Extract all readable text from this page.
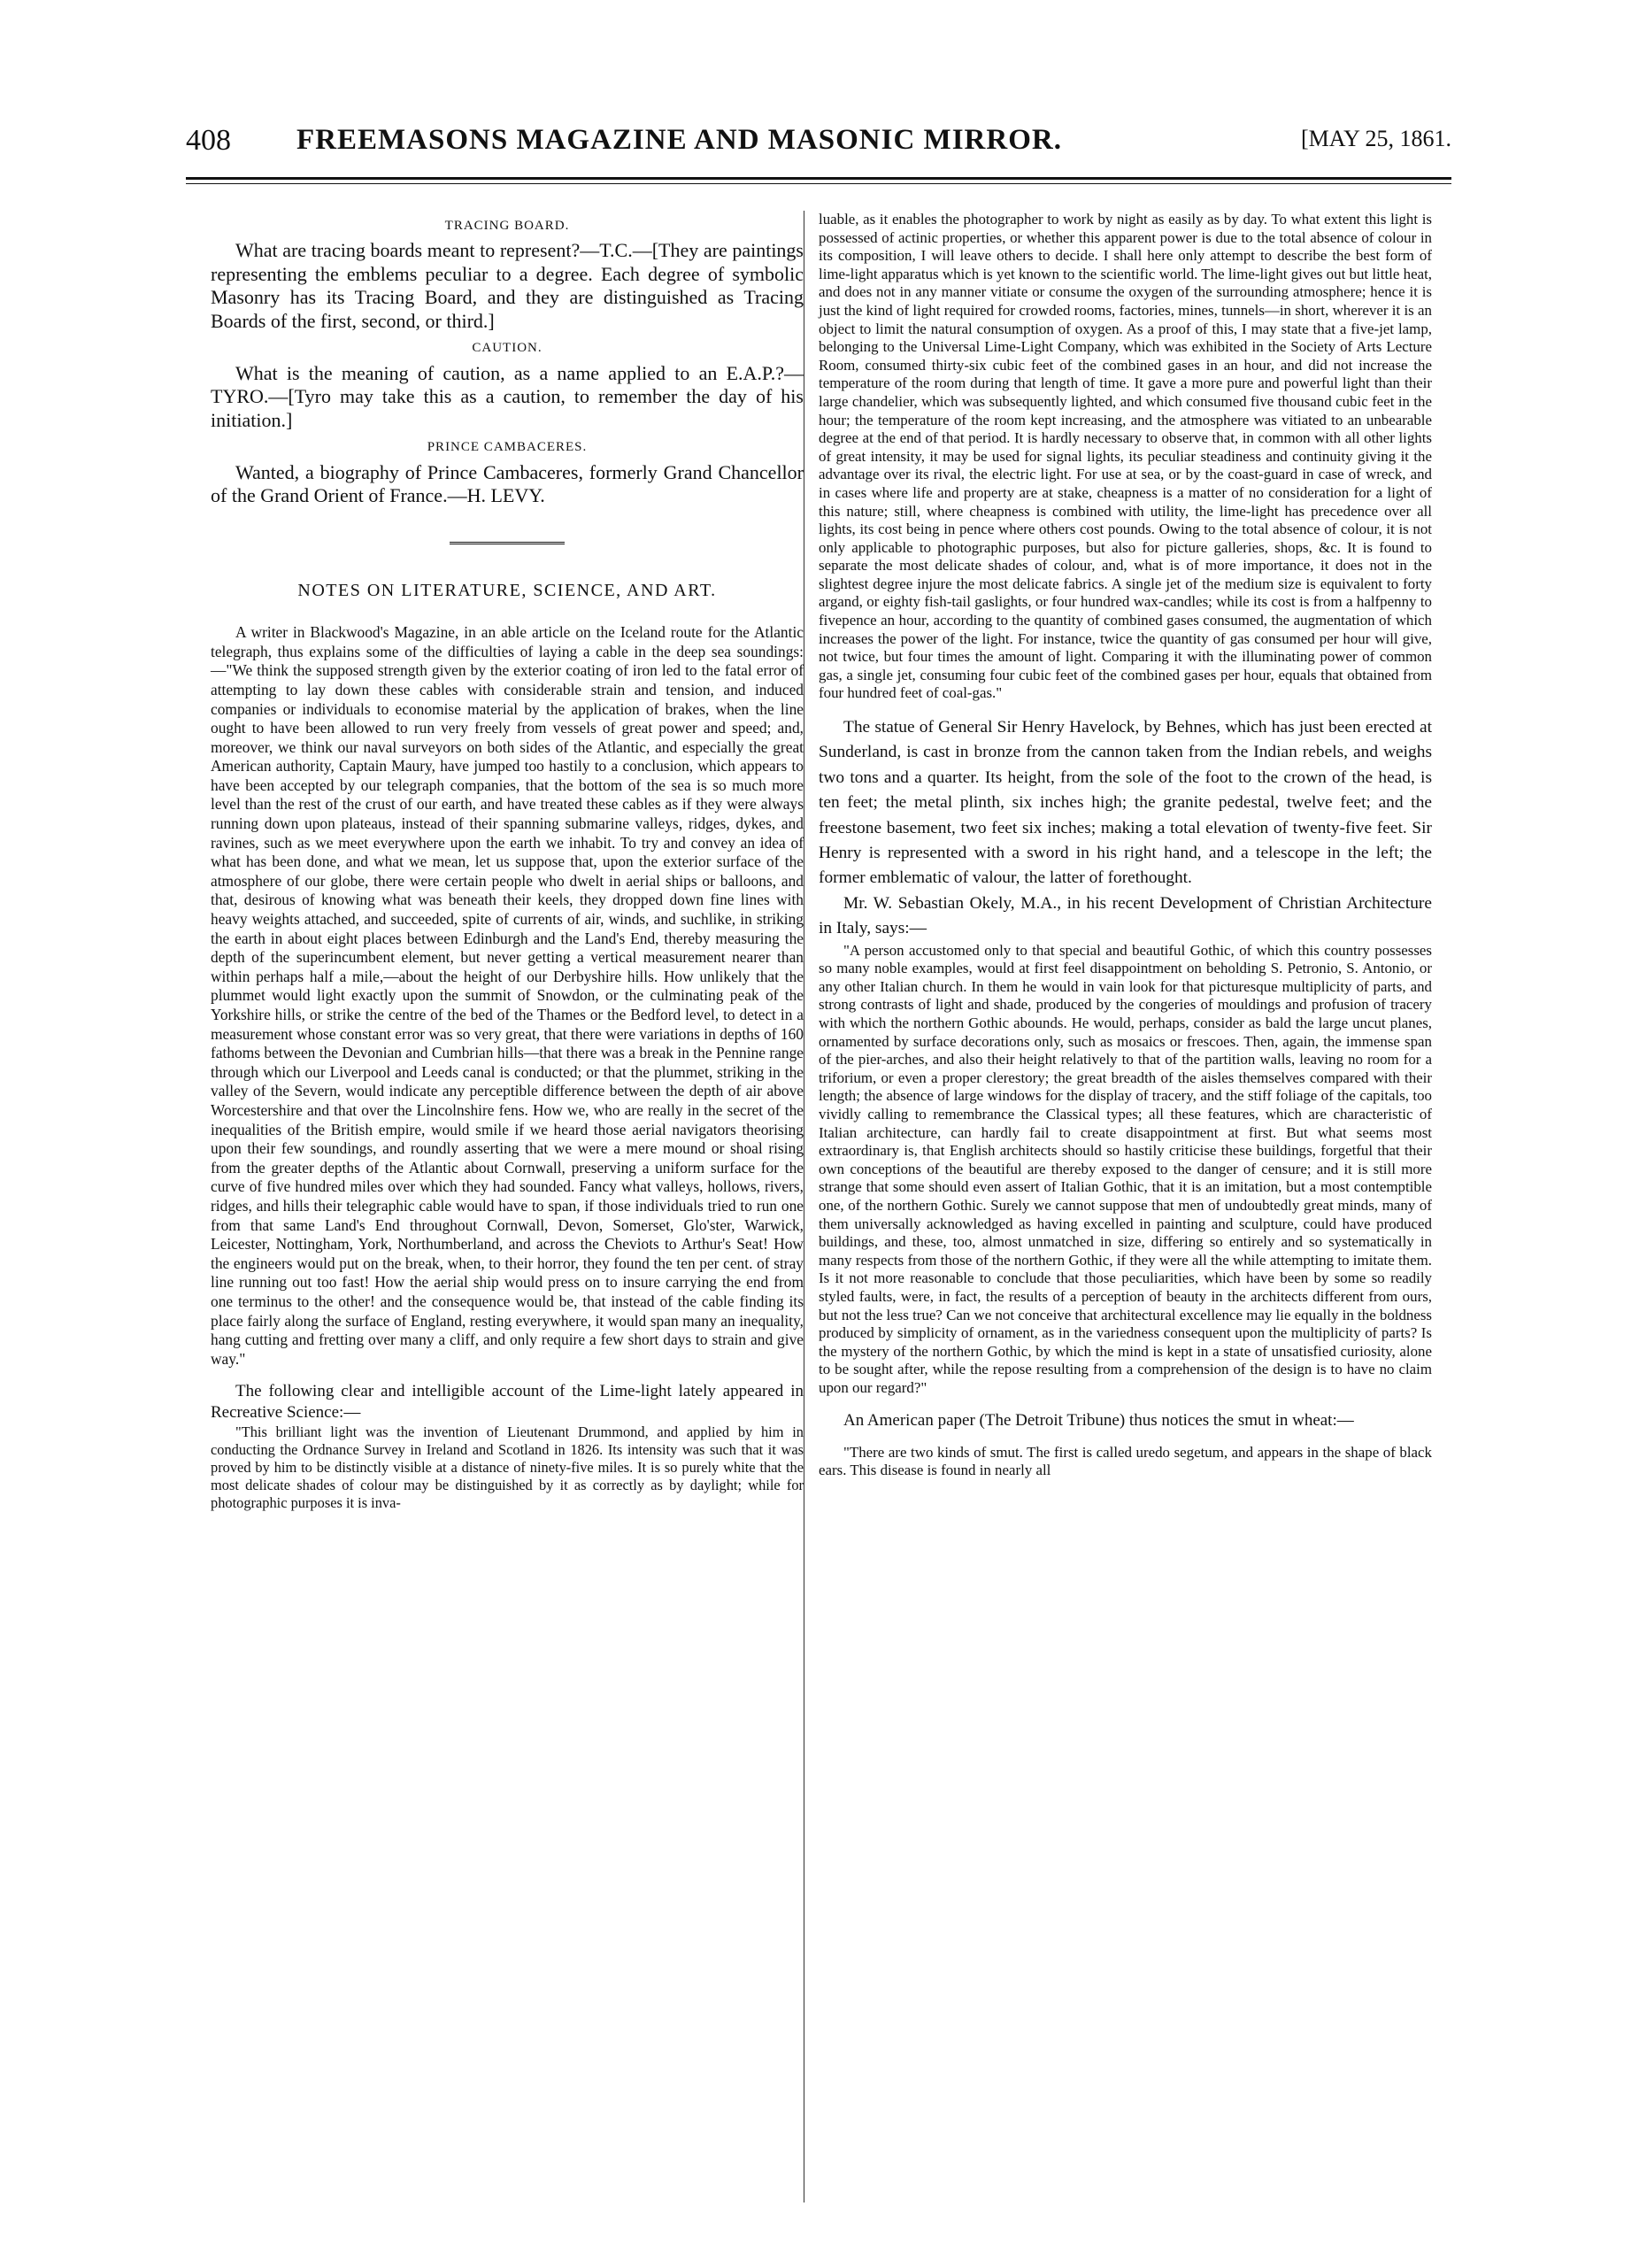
408 FREEMASONS MAGAZINE AND MASONIC MIRROR.	[MAY 25, 1861.
TRACING BOARD.

What are tracing boards meant to represent?—T.C.—[They are paintings representing the emblems peculiar to a degree. Each degree of symbolic Masonry has its Tracing Board, and they are distinguished as Tracing Boards of the first, second, or third.]

CAUTION.

What is the meaning of caution, as a name applied to an E.A.P.?—TYRO.—[Tyro may take this as a caution, to remember the day of his initiation.]

PRINCE CAMBACERES.

Wanted, a biography of Prince Cambaceres, formerly Grand Chancellor of the Grand Orient of France.—H. LEVY.

NOTES ON LITERATURE, SCIENCE, AND ART.

A writer in Blackwood's Magazine, in an able article on the Iceland route for the Atlantic telegraph, thus explains some of the difficulties of laying a cable in the deep sea soundings:—"We think the supposed strength given by the exterior coating of iron led to the fatal error of attempting to lay down these cables with considerable strain and tension, and induced companies or individuals to economise material by the application of brakes, when the line ought to have been allowed to run very freely from vessels of great power and speed; and, moreover, we think our naval surveyors on both sides of the Atlantic, and especially the great American authority, Captain Maury, have jumped too hastily to a conclusion, which appears to have been accepted by our telegraph companies, that the bottom of the sea is so much more level than the rest of the crust of our earth, and have treated these cables as if they were always running down upon plateaus, instead of their spanning submarine valleys, ridges, dykes, and ravines, such as we meet everywhere upon the earth we inhabit. To try and convey an idea of what has been done, and what we mean, let us suppose that, upon the exterior surface of the atmosphere of our globe, there were certain people who dwelt in aerial ships or balloons, and that, desirous of knowing what was beneath their keels, they dropped down fine lines with heavy weights attached, and succeeded, spite of currents of air, winds, and suchlike, in striking the earth in about eight places between Edinburgh and the Land's End, thereby measuring the depth of the superincumbent element, but never getting a vertical measurement nearer than within perhaps half a mile,—about the height of our Derbyshire hills. How unlikely that the plummet would light exactly upon the summit of Snowdon, or the culminating peak of the Yorkshire hills, or strike the centre of the bed of the Thames or the Bedford level, to detect in a measurement whose constant error was so very great, that there were variations in depths of 160 fathoms between the Devonian and Cumbrian hills—that there was a break in the Pennine range through which our Liverpool and Leeds canal is conducted; or that the plummet, striking in the valley of the Severn, would indicate any perceptible difference between the depth of air above Worcestershire and that over the Lincolnshire fens. How we, who are really in the secret of the inequalities of the British empire, would smile if we heard those aerial navigators theorising upon their few soundings, and roundly asserting that we were a mere mound or shoal rising from the greater depths of the Atlantic about Cornwall, preserving a uniform surface for the curve of five hundred miles over which they had sounded. Fancy what valleys, hollows, rivers, ridges, and hills their telegraphic cable would have to span, if those individuals tried to run one from that same Land's End throughout Cornwall, Devon, Somerset, Glo'ster, Warwick, Leicester, Nottingham, York, Northumberland, and across the Cheviots to Arthur's Seat! How the engineers would put on the break, when, to their horror, they found the ten per cent. of stray line running out too fast! How the aerial ship would press on to insure carrying the end from one terminus to the other! and the consequence would be, that instead of the cable finding its place fairly along the surface of England, resting everywhere, it would span many an inequality, hang cutting and fretting over many a cliff, and only require a few short days to strain and give way."

The following clear and intelligible account of the Lime-light lately appeared in Recreative Science:—

"This brilliant light was the invention of Lieutenant Drummond, and applied by him in conducting the Ordnance Survey in Ireland and Scotland in 1826. Its intensity was such that it was proved by him to be distinctly visible at a distance of ninety-five miles. It is so purely white that the most delicate shades of colour may be distinguished by it as correctly as by daylight; while for photographic purposes it is inva-

luable, as it enables the photographer to work by night as easily as by day. To what extent this light is possessed of actinic properties, or whether this apparent power is due to the total absence of colour in its composition, I will leave others to decide. I shall here only attempt to describe the best form of lime-light apparatus which is yet known to the scientific world. The lime-light gives out but little heat, and does not in any manner vitiate or consume the oxygen of the surrounding atmosphere; hence it is just the kind of light required for crowded rooms, factories, mines, tunnels—in short, wherever it is an object to limit the natural consumption of oxygen. As a proof of this, I may state that a five-jet lamp, belonging to the Universal Lime-Light Company, which was exhibited in the Society of Arts Lecture Room, consumed thirty-six cubic feet of the combined gases in an hour, and did not increase the temperature of the room during that length of time. It gave a more pure and powerful light than their large chandelier, which was subsequently lighted, and which consumed five thousand cubic feet in the hour; the temperature of the room kept increasing, and the atmosphere was vitiated to an unbearable degree at the end of that period. It is hardly necessary to observe that, in common with all other lights of great intensity, it may be used for signal lights, its peculiar steadiness and continuity giving it the advantage over its rival, the electric light. For use at sea, or by the coast-guard in case of wreck, and in cases where life and property are at stake, cheapness is a matter of no consideration for a light of this nature; still, where cheapness is combined with utility, the lime-light has precedence over all lights, its cost being in pence where others cost pounds. Owing to the total absence of colour, it is not only applicable to photographic purposes, but also for picture galleries, shops, &c. It is found to separate the most delicate shades of colour, and, what is of more importance, it does not in the slightest degree injure the most delicate fabrics. A single jet of the medium size is equivalent to forty argand, or eighty fish-tail gaslights, or four hundred wax-candles; while its cost is from a halfpenny to fivepence an hour, according to the quantity of combined gases consumed, the augmentation of which increases the power of the light. For instance, twice the quantity of gas consumed per hour will give, not twice, but four times the amount of light. Comparing it with the illuminating power of common gas, a single jet, consuming four cubic feet of the combined gases per hour, equals that obtained from four hundred feet of coal-gas."

The statue of General Sir Henry Havelock, by Behnes, which has just been erected at Sunderland, is cast in bronze from the cannon taken from the Indian rebels, and weighs two tons and a quarter. Its height, from the sole of the foot to the crown of the head, is ten feet; the metal plinth, six inches high; the granite pedestal, twelve feet; and the freestone basement, two feet six inches; making a total elevation of twenty-five feet. Sir Henry is represented with a sword in his right hand, and a telescope in the left; the former emblematic of valour, the latter of forethought.

Mr. W. Sebastian Okely, M.A., in his recent Development of Christian Architecture in Italy, says:—

"A person accustomed only to that special and beautiful Gothic, of which this country possesses so many noble examples, would at first feel disappointment on beholding S. Petronio, S. Antonio, or any other Italian church. In them he would in vain look for that picturesque multiplicity of parts, and strong contrasts of light and shade, produced by the congeries of mouldings and profusion of tracery with which the northern Gothic abounds. He would, perhaps, consider as bald the large uncut planes, ornamented by surface decorations only, such as mosaics or frescoes. Then, again, the immense span of the pier-arches, and also their height relatively to that of the partition walls, leaving no room for a triforium, or even a proper clerestory; the great breadth of the aisles themselves compared with their length; the absence of large windows for the display of tracery, and the stiff foliage of the capitals, too vividly calling to remembrance the Classical types; all these features, which are characteristic of Italian architecture, can hardly fail to create disappointment at first. But what seems most extraordinary is, that English architects should so hastily criticise these buildings, forgetful that their own conceptions of the beautiful are thereby exposed to the danger of censure; and it is still more strange that some should even assert of Italian Gothic, that it is an imitation, but a most contemptible one, of the northern Gothic. Surely we cannot suppose that men of undoubtedly great minds, many of them universally acknowledged as having excelled in painting and sculpture, could have produced buildings, and these, too, almost unmatched in size, differing so entirely and so systematically in many respects from those of the northern Gothic, if they were all the while attempting to imitate them. Is it not more reasonable to conclude that those peculiarities, which have been by some so readily styled faults, were, in fact, the results of a perception of beauty in the architects different from ours, but not the less true? Can we not conceive that architectural excellence may lie equally in the boldness produced by simplicity of ornament, as in the variedness consequent upon the multiplicity of parts? Is the mystery of the northern Gothic, by which the mind is kept in a state of unsatisfied curiosity, alone to be sought after, while the repose resulting from a comprehension of the design is to have no claim upon our regard?"

An American paper (The Detroit Tribune) thus notices the smut in wheat:—

"There are two kinds of smut. The first is called uredo segetum, and appears in the shape of black ears. This disease is found in nearly all
